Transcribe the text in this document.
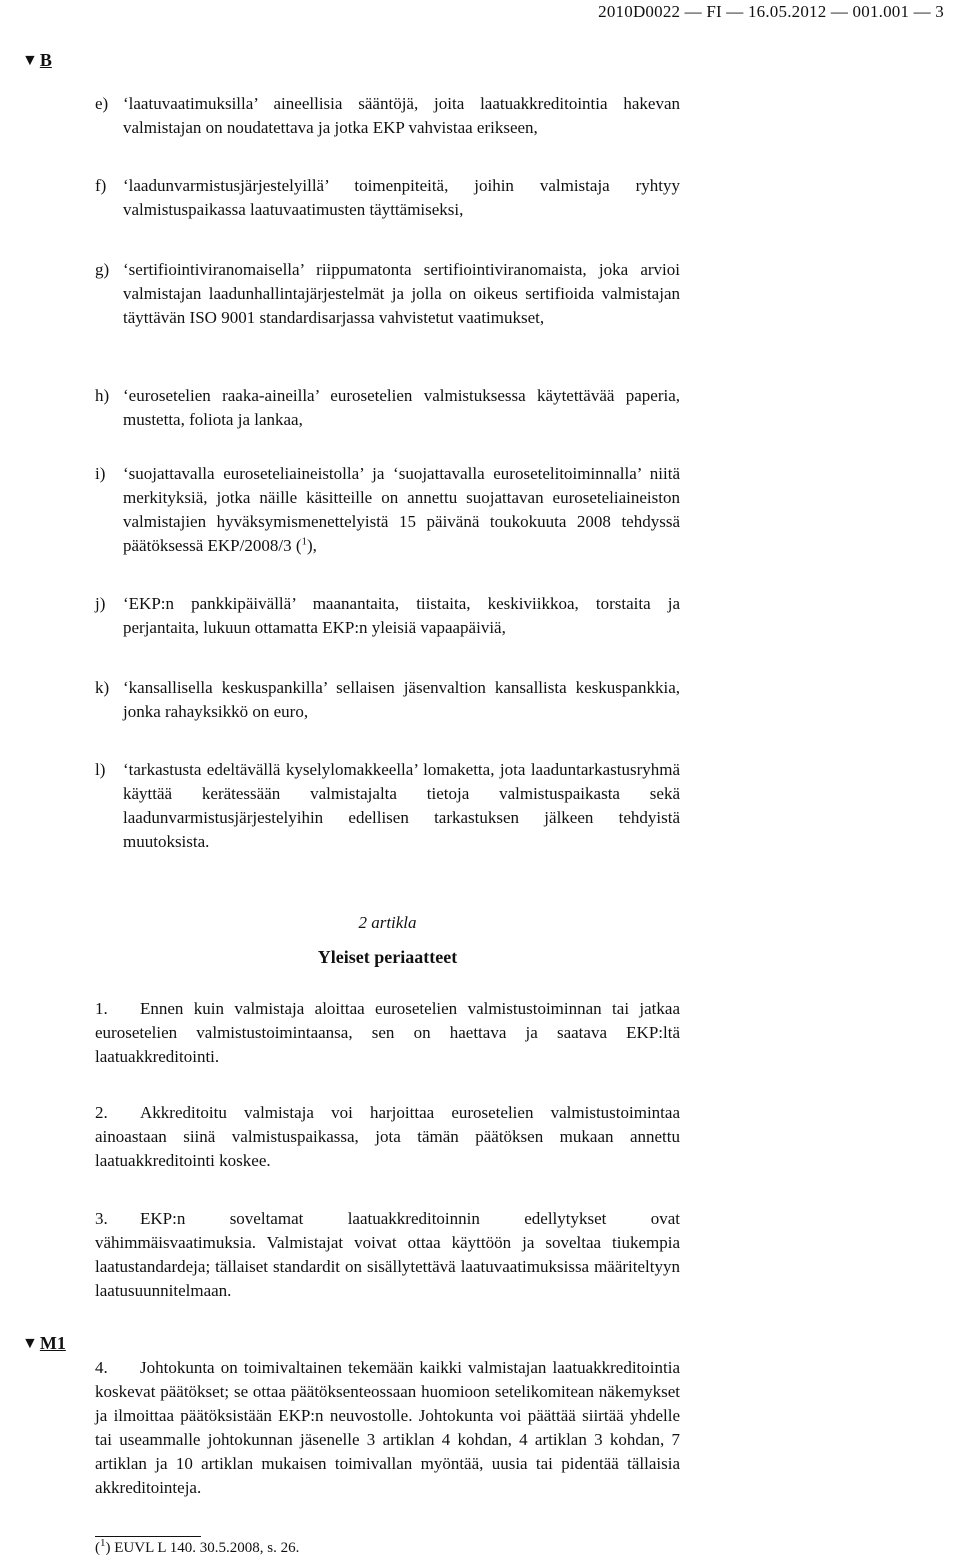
2010D0022 — FI — 16.05.2012 — 001.001 — 3
▼ B
e) ‘laatuvaatimuksilla’ aineellisia sääntöjä, joita laatuakkreditointia hakevan valmistajan on noudatettava ja jotka EKP vahvistaa erikseen,
f) ‘laadunvarmistusjärjestelyillä’ toimenpiteitä, joihin valmistaja ryhtyy valmistuspaikassa laatuvaatimusten täyttämiseksi,
g) ‘sertifiointiviranomaisella’ riippumatonta sertifiointiviranomaista, joka arvioi valmistajan laadunhallintajärjestelmät ja jolla on oikeus sertifioida valmistajan täyttävän ISO 9001 standardisarjassa vahvistetut vaatimukset,
h) ‘eurosetelien raaka-aineilla’ eurosetelien valmistuksessa käytettävää paperia, mustetta, foliota ja lankaa,
i)	‘suojattavalla euroseteliaineistolla’ ja ‘suojattavalla eurosetelitoiminnalla’ niitä merkityksiä, jotka näille käsitteille on annettu suojattavan euroseteliaineiston valmistajien hyväksymismenettelyistä 15 päivänä toukokuuta 2008 tehdyssä päätöksessä EKP/2008/3 ($^1$),
j)	‘EKP:n pankkipäivällä’ maanantaita, tiistaita, keskiviikkoa, torstaita ja perjantaita, lukuun ottamatta EKP:n yleisiä vapaapäiviä,
k) ‘kansallisella keskuspankilla’ sellaisen jäsenvaltion kansallista keskuspankkia, jonka rahayksikkö on euro,
l)	‘tarkastusta edeltävällä kyselylomakkeella’ lomaketta, jota laaduntarkastusryhmä käyttää kerätessään valmistajalta tietoja valmistuspaikasta sekä laadunvarmistusjärjestelyihin edellisen tarkastuksen jälkeen tehdyistä muutoksista.
2 artikla
Yleiset periaatteet
1. Ennen kuin valmistaja aloittaa eurosetelien valmistustoiminnan tai jatkaa eurosetelien valmistustoimintaansa, sen on haettava ja saatava EKP:ltä laatuakkreditointi.
2. Akkreditoitu valmistaja voi harjoittaa eurosetelien valmistustoimintaa ainoastaan siinä valmistuspaikassa, jota tämän päätöksen mukaan annettu laatuakkreditointi koskee.
3. EKP:n soveltamat laatuakkreditoinnin edellytykset ovat vähimmäisvaatimuksia. Valmistajat voivat ottaa käyttöön ja soveltaa tiukempia laatustandardeja; tällaiset standardit on sisällytettävä laatuvaatimuksissa määriteltyyn laatusuunnitelmaan.
▼ M1
4. Johtokunta on toimivaltainen tekemään kaikki valmistajan laatuakkreditointia koskevat päätökset; se ottaa päätöksenteossaan huomioon setelikomitean näkemykset ja ilmoittaa päätöksistään EKP:n neuvostolle. Johtokunta voi päättää siirtää yhdelle tai useammalle johtokunnan jäsenelle 3 artiklan 4 kohdan, 4 artiklan 3 kohdan, 7 artiklan ja 10 artiklan mukaisen toimivallan myöntää, uusia tai pidentää tällaisia akkreditointeja.
($^1$) EUVL L 140. 30.5.2008, s. 26.
